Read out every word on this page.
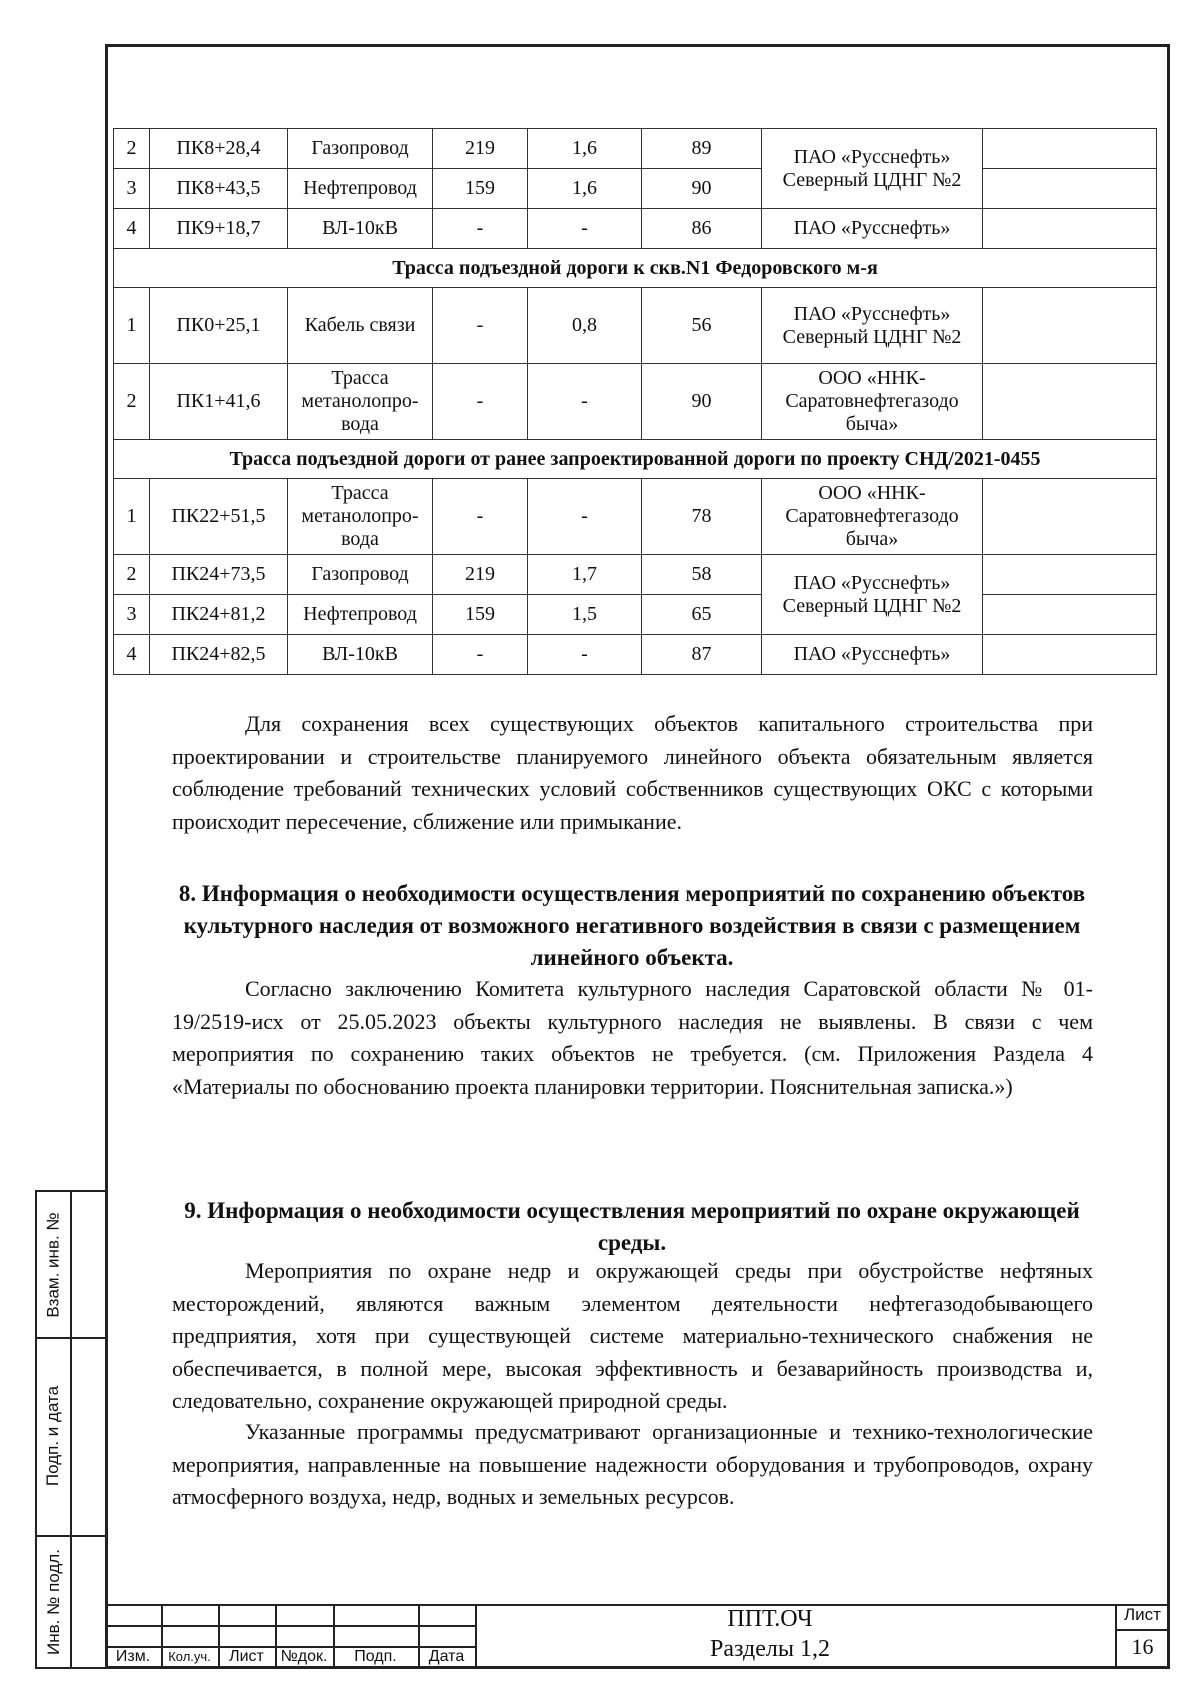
2	ПК8+28,4	Газопровод	219	1,6	89	ПАО «Русснефть» Северный ЦДНГ №2	
3	ПК8+43,5	Нефтепровод	159	1,6	90		
4	ПК9+18,7	ВЛ-10кВ	-	-	86	ПАО «Русснефть»	
Трасса подъездной дороги к скв.N1 Федоровского м-я							
1	ПК0+25,1	Кабель связи	-	0,8	56	ПАО «Русснефть» Северный ЦДНГ №2	
2	ПК1+41,6	Трасса метанолопро-вода	-	-	90	ООО «ННК-Саратовнефтегазодо быча»	
Трасса подъездной дороги от ранее запроектированной дороги по проекту СНД/2021-0455							
1	ПК22+51,5	Трасса метанолопро-вода	-	-	78	ООО «ННК-Саратовнефтегазодо быча»	
2	ПК24+73,5	Газопровод	219	1,7	58	ПАО «Русснефть» Северный ЦДНГ №2	
3	ПК24+81,2	Нефтепровод	159	1,5	65		
4	ПК24+82,5	ВЛ-10кВ	-	-	87	ПАО «Русснефть»	

Для сохранения всех существующих объектов капитального строительства при проектировании и строительстве планируемого линейного объекта обязательным является соблюдение требований технических условий собственников существующих ОКС с которыми происходит пересечение, сближение или примыкание.

8. Информация о необходимости осуществления мероприятий по сохранению объектов культурного наследия от возможного негативного воздействия в связи с размещением линейного объекта.

Согласно заключению Комитета культурного наследия Саратовской области № 01-19/2519-исх от 25.05.2023 объекты культурного наследия не выявлены. В связи с чем мероприятия по сохранению таких объектов не требуется. (см. Приложения Раздела 4 «Материалы по обоснованию проекта планировки территории. Пояснительная записка.»)

9. Информация о необходимости осуществления мероприятий по охране окружающей среды.

Мероприятия по охране недр и окружающей среды при обустройстве нефтяных месторождений, являются важным элементом деятельности нефтегазодобывающего предприятия, хотя при существующей системе материально-технического снабжения не обеспечивается, в полной мере, высокая эффективность и безаварийность производства и, следовательно, сохранение окружающей природной среды.

Указанные программы предусматривают организационные и технико-технологические мероприятия, направленные на повышение надежности оборудования и трубопроводов, охрану атмосферного воздуха, недр, водных и земельных ресурсов.

Взам. инв. №
Подп. и дата
Инв. № подл.
Изм.	Кол.уч.	Лист	№док.	Подп.	Дата
ППТ.ОЧ
Разделы 1,2
Лист
16
